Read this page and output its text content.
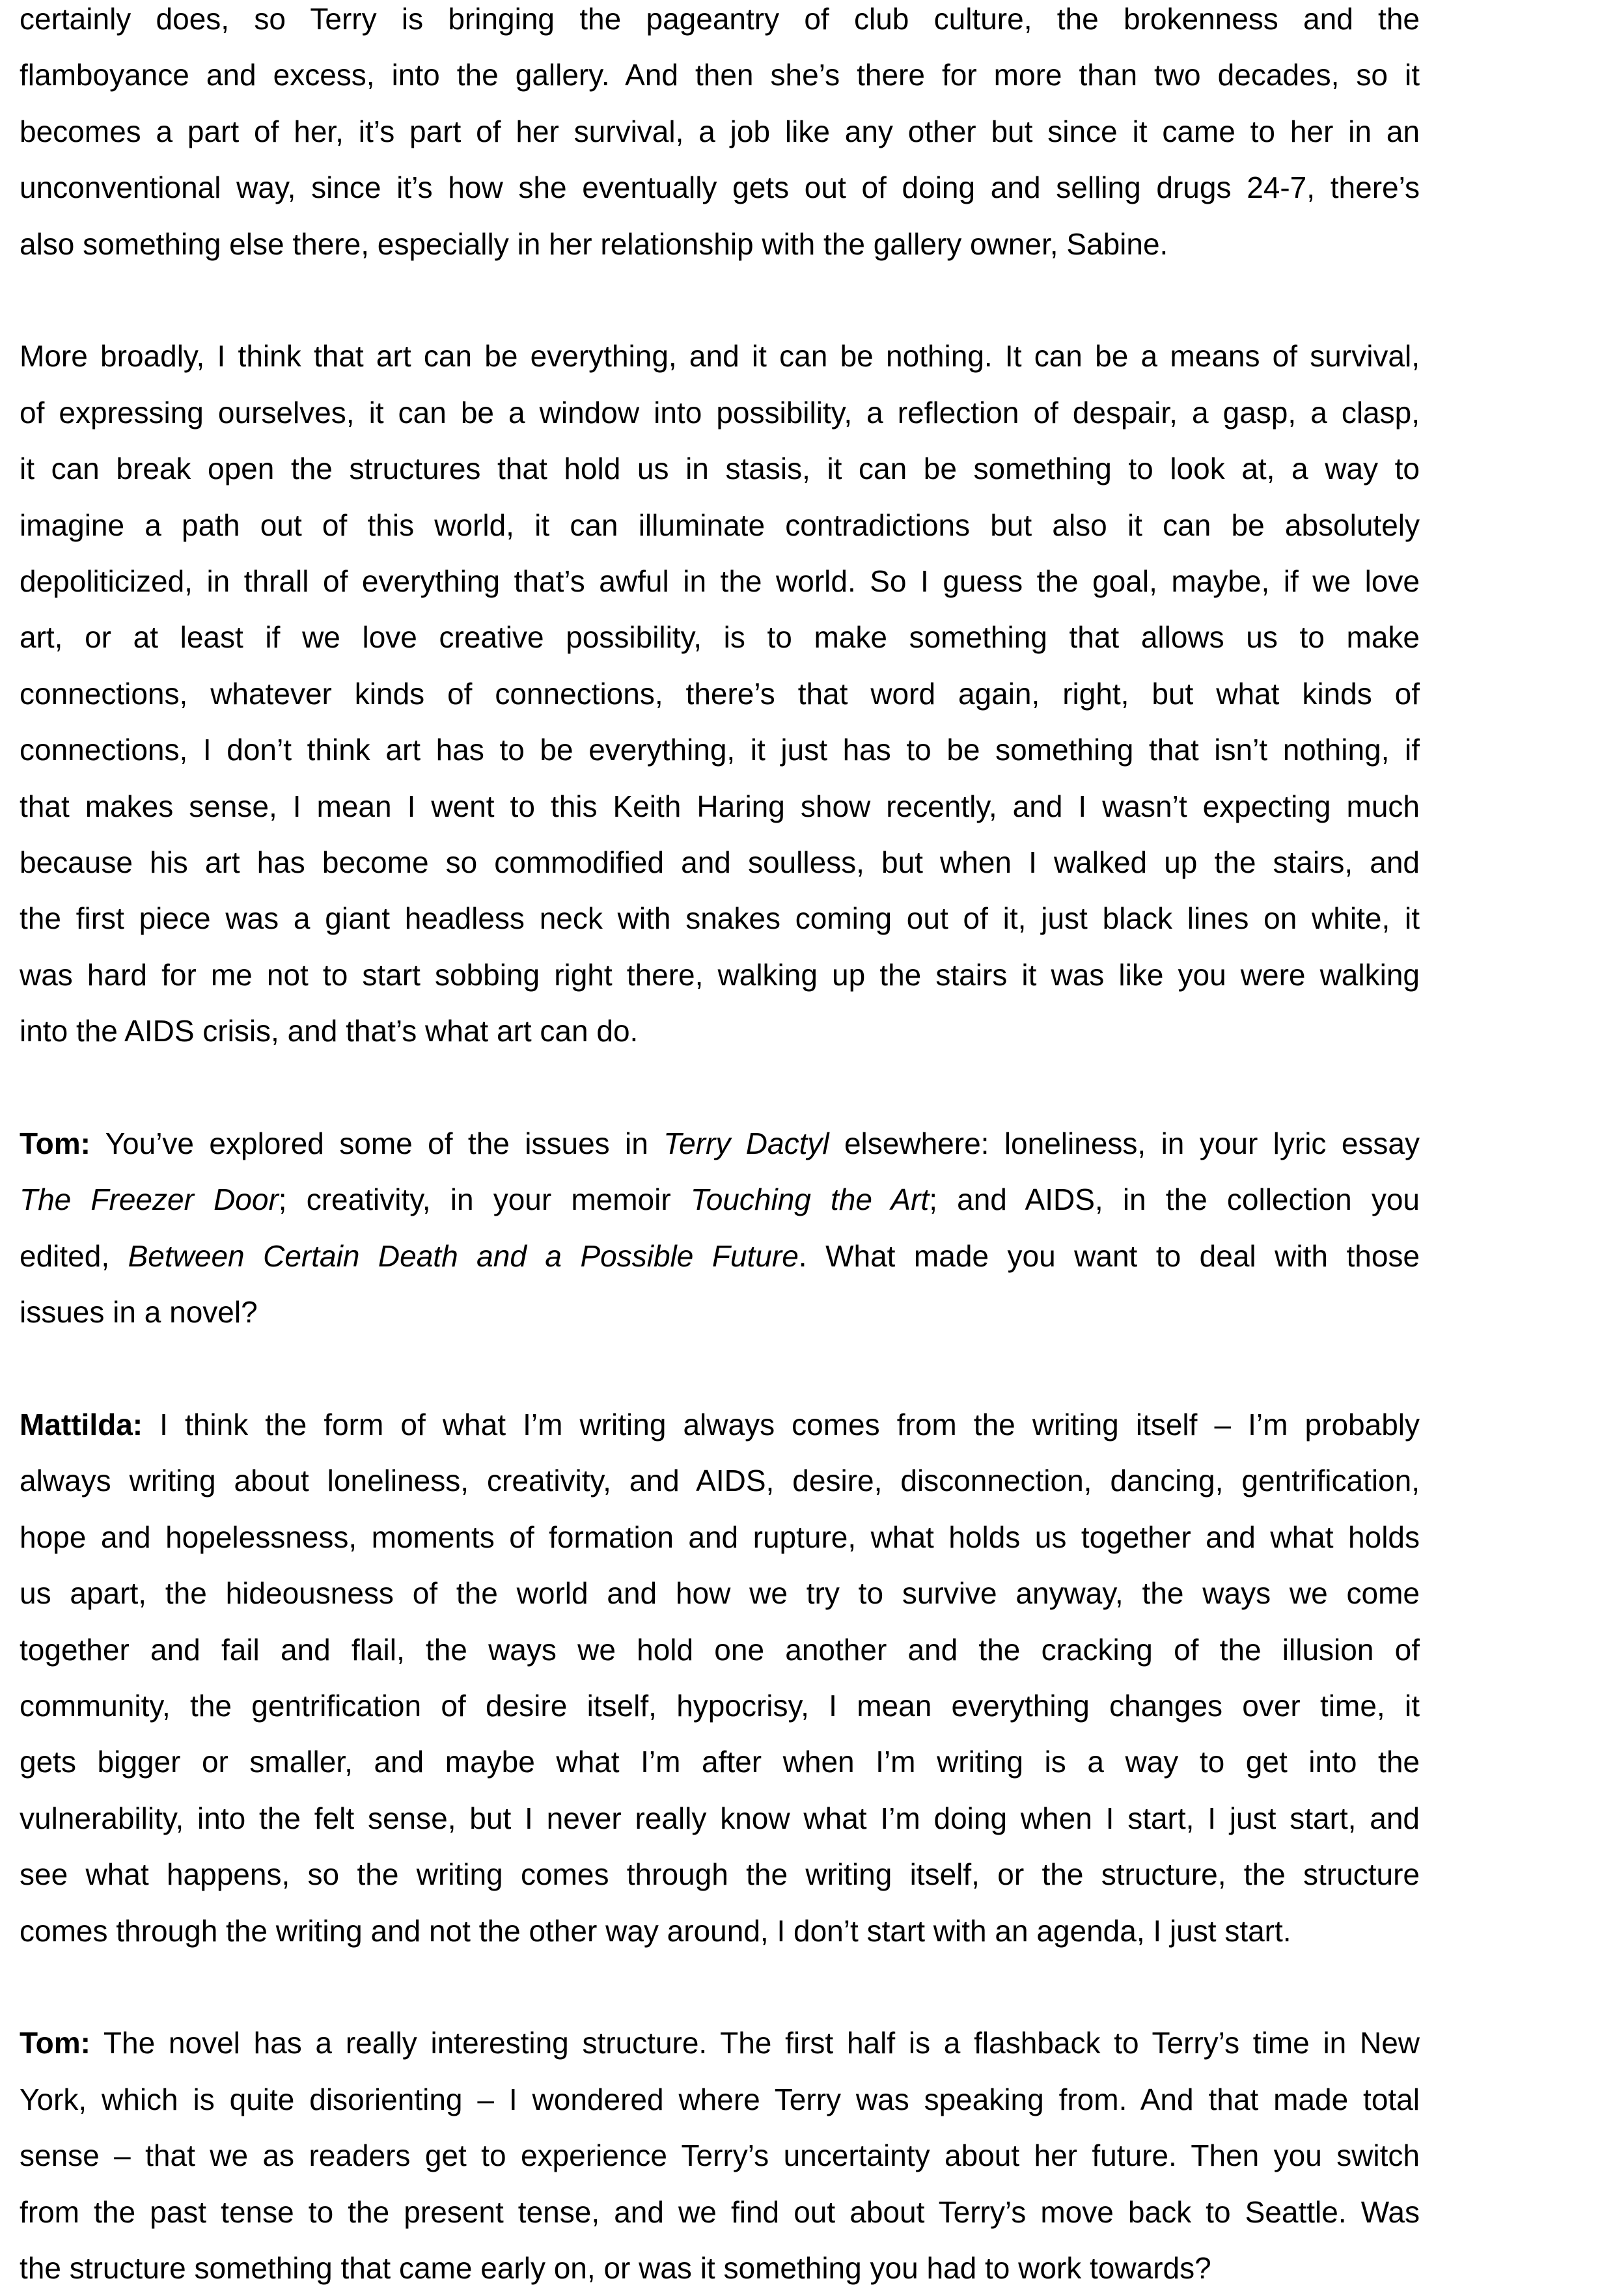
certainly does, so Terry is bringing the pageantry of club culture, the brokenness and the
flamboyance and excess, into the gallery. And then she’s there for more than two decades, so it
becomes a part of her, it’s part of her survival, a job like any other but since it came to her in an
unconventional way, since it’s how she eventually gets out of doing and selling drugs 24-7, there’s
also something else there, especially in her relationship with the gallery owner, Sabine.
More broadly, I think that art can be everything, and it can be nothing. It can be a means of survival,
of expressing ourselves, it can be a window into possibility, a reflection of despair, a gasp, a clasp,
it can break open the structures that hold us in stasis, it can be something to look at, a way to
imagine a path out of this world, it can illuminate contradictions but also it can be absolutely
depoliticized, in thrall of everything that’s awful in the world. So I guess the goal, maybe, if we love
art, or at least if we love creative possibility, is to make something that allows us to make
connections, whatever kinds of connections, there’s that word again, right, but what kinds of
connections, I don’t think art has to be everything, it just has to be something that isn’t nothing, if
that makes sense, I mean I went to this Keith Haring show recently, and I wasn’t expecting much
because his art has become so commodified and soulless, but when I walked up the stairs, and
the first piece was a giant headless neck with snakes coming out of it, just black lines on white, it
was hard for me not to start sobbing right there, walking up the stairs it was like you were walking
into the AIDS crisis, and that’s what art can do.
Tom: You’ve explored some of the issues in Terry Dactyl elsewhere: loneliness, in your lyric essay
The Freezer Door; creativity, in your memoir Touching the Art; and AIDS, in the collection you
edited, Between Certain Death and a Possible Future. What made you want to deal with those
issues in a novel?
Mattilda: I think the form of what I’m writing always comes from the writing itself – I’m probably
always writing about loneliness, creativity, and AIDS, desire, disconnection, dancing, gentrification,
hope and hopelessness, moments of formation and rupture, what holds us together and what holds
us apart, the hideousness of the world and how we try to survive anyway, the ways we come
together and fail and flail, the ways we hold one another and the cracking of the illusion of
community, the gentrification of desire itself, hypocrisy, I mean everything changes over time, it
gets bigger or smaller, and maybe what I’m after when I’m writing is a way to get into the
vulnerability, into the felt sense, but I never really know what I’m doing when I start, I just start, and
see what happens, so the writing comes through the writing itself, or the structure, the structure
comes through the writing and not the other way around, I don’t start with an agenda, I just start.
Tom: The novel has a really interesting structure. The first half is a flashback to Terry’s time in New
York, which is quite disorienting – I wondered where Terry was speaking from. And that made total
sense – that we as readers get to experience Terry’s uncertainty about her future. Then you switch
from the past tense to the present tense, and we find out about Terry’s move back to Seattle. Was
the structure something that came early on, or was it something you had to work towards?
